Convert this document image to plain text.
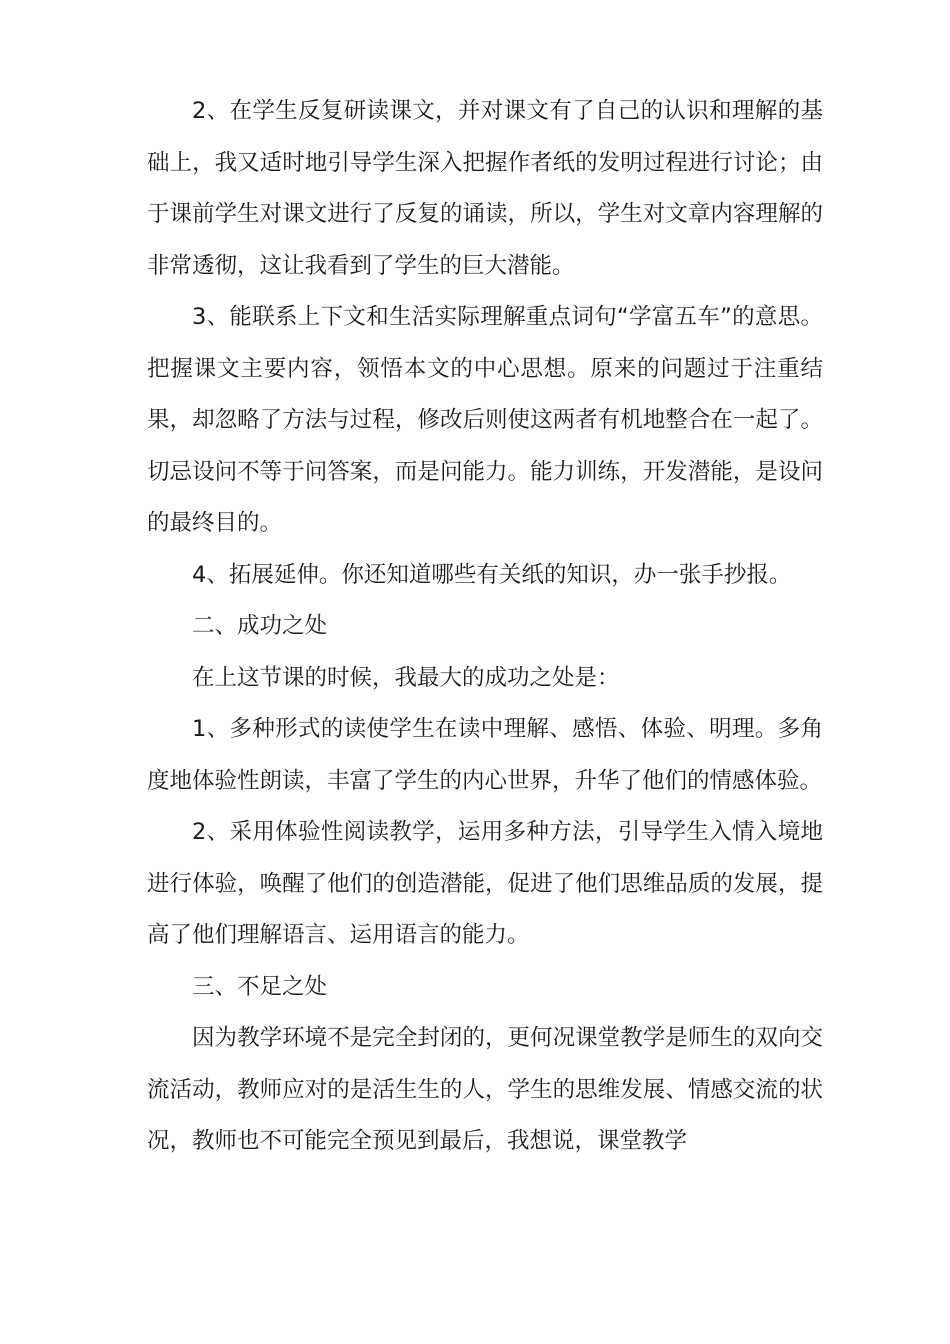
2、在学生反复研读课文，并对课文有了自己的认识和理解的基础上，我又适时地引导学生深入把握作者纸的发明过程进行讨论；由于课前学生对课文进行了反复的诵读，所以，学生对文章内容理解的非常透彻，这让我看到了学生的巨大潜能。

3、能联系上下文和生活实际理解重点词句“学富五车”的意思。把握课文主要内容，领悟本文的中心思想。原来的问题过于注重结果，却忽略了方法与过程，修改后则使这两者有机地整合在一起了。切忌设问不等于问答案，而是问能力。能力训练，开发潜能，是设问的最终目的。

4、拓展延伸。你还知道哪些有关纸的知识，办一张手抄报。

二、成功之处

在上这节课的时候，我最大的成功之处是：

1、多种形式的读使学生在读中理解、感悟、体验、明理。多角度地体验性朗读，丰富了学生的内心世界，升华了他们的情感体验。

2、采用体验性阅读教学，运用多种方法，引导学生入情入境地进行体验，唤醒了他们的创造潜能，促进了他们思维品质的发展，提高了他们理解语言、运用语言的能力。

三、不足之处

因为教学环境不是完全封闭的，更何况课堂教学是师生的双向交流活动，教师应对的是活生生的人，学生的思维发展、情感交流的状况，教师也不可能完全预见到最后，我想说，课堂教学
